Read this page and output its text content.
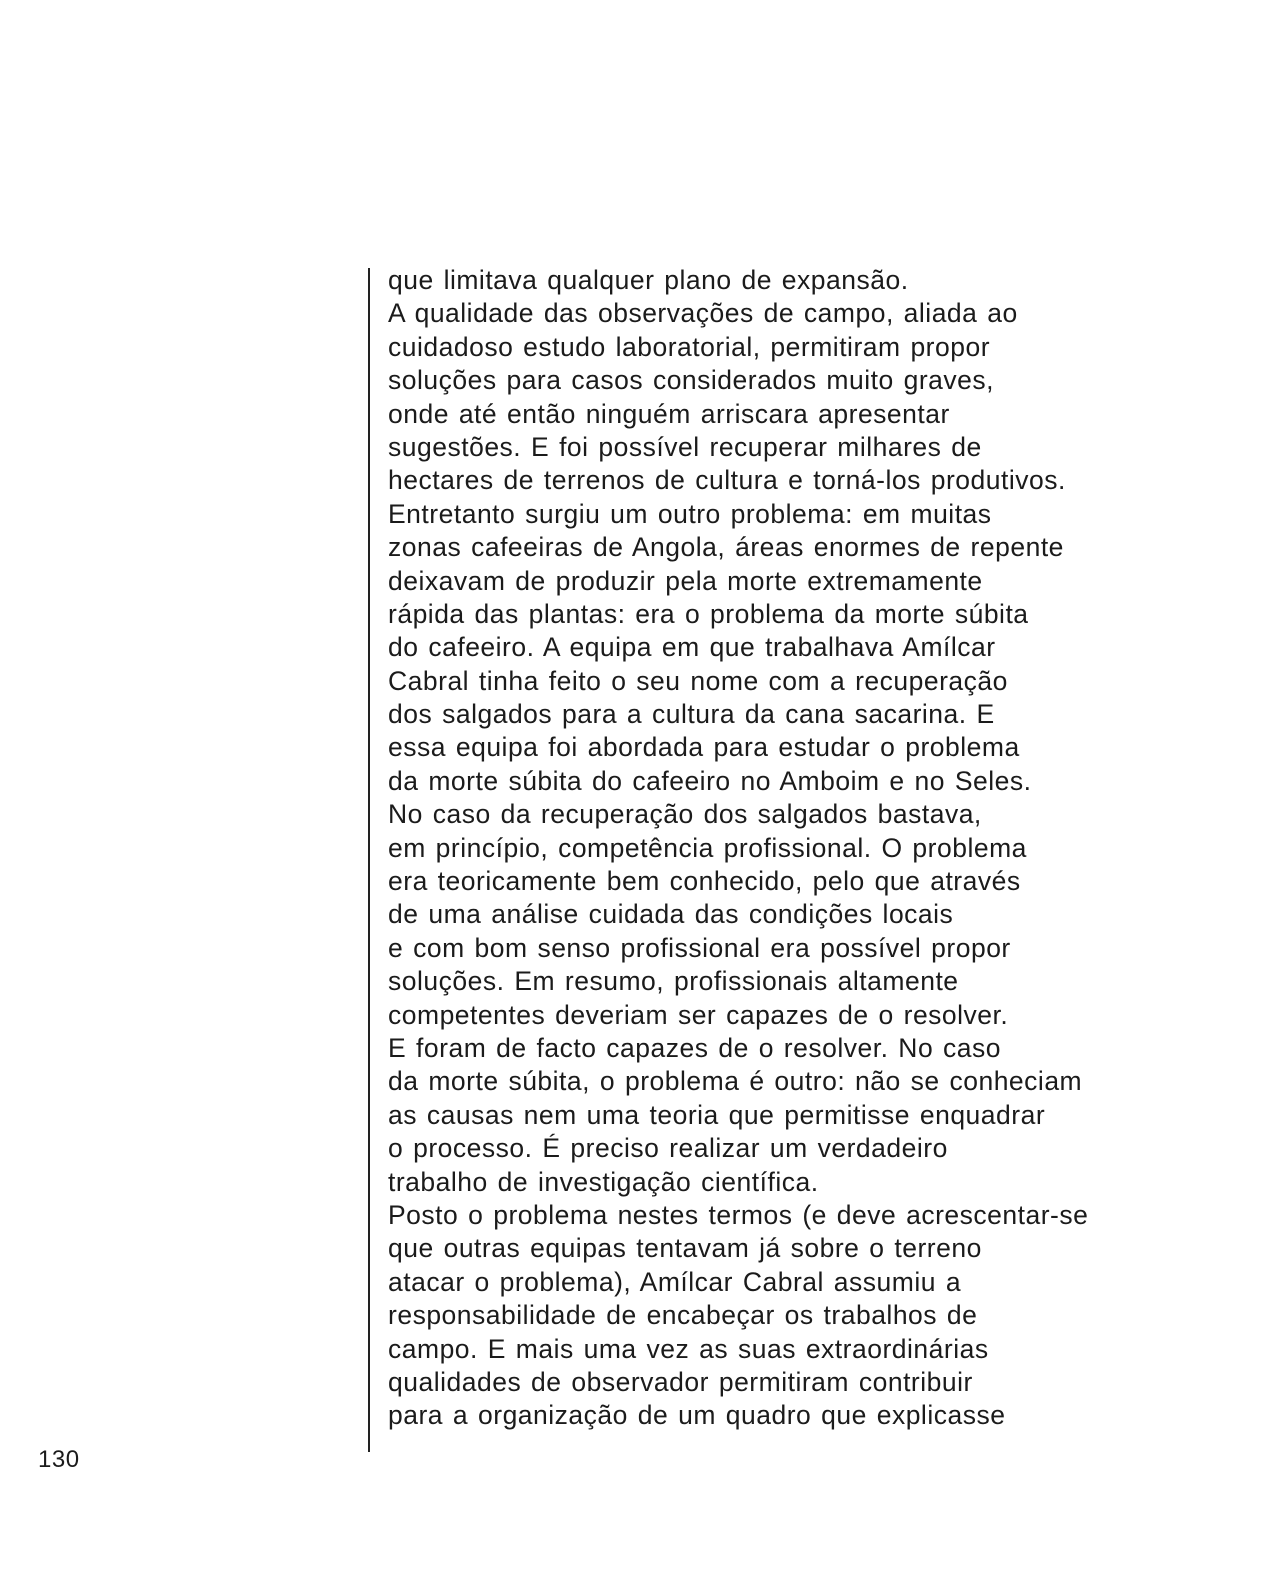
que limitava qualquer plano de expansão.
A qualidade das observações de campo, aliada ao
cuidadoso estudo laboratorial, permitiram propor
soluções para casos considerados muito graves,
onde até então ninguém arriscara apresentar
sugestões. E foi possível recuperar milhares de
hectares de terrenos de cultura e torná-los produtivos.
Entretanto surgiu um outro problema: em muitas
zonas cafeeiras de Angola, áreas enormes de repente
deixavam de produzir pela morte extremamente
rápida das plantas: era o problema da morte súbita
do cafeeiro. A equipa em que trabalhava Amílcar
Cabral tinha feito o seu nome com a recuperação
dos salgados para a cultura da cana sacarina. E
essa equipa foi abordada para estudar o problema
da morte súbita do cafeeiro no Amboim e no Seles.
No caso da recuperação dos salgados bastava,
em princípio, competência profissional. O problema
era teoricamente bem conhecido, pelo que através
de uma análise cuidada das condições locais
e com bom senso profissional era possível propor
soluções. Em resumo, profissionais altamente
competentes deveriam ser capazes de o resolver.
E foram de facto capazes de o resolver. No caso
da morte súbita, o problema é outro: não se conheciam
as causas nem uma teoria que permitisse enquadrar
o processo. É preciso realizar um verdadeiro
trabalho de investigação científica.
Posto o problema nestes termos (e deve acrescentar-se
que outras equipas tentavam já sobre o terreno
atacar o problema), Amílcar Cabral assumiu a
responsabilidade de encabeçar os trabalhos de
campo. E mais uma vez as suas extraordinárias
qualidades de observador permitiram contribuir
para a organização de um quadro que explicasse
130
